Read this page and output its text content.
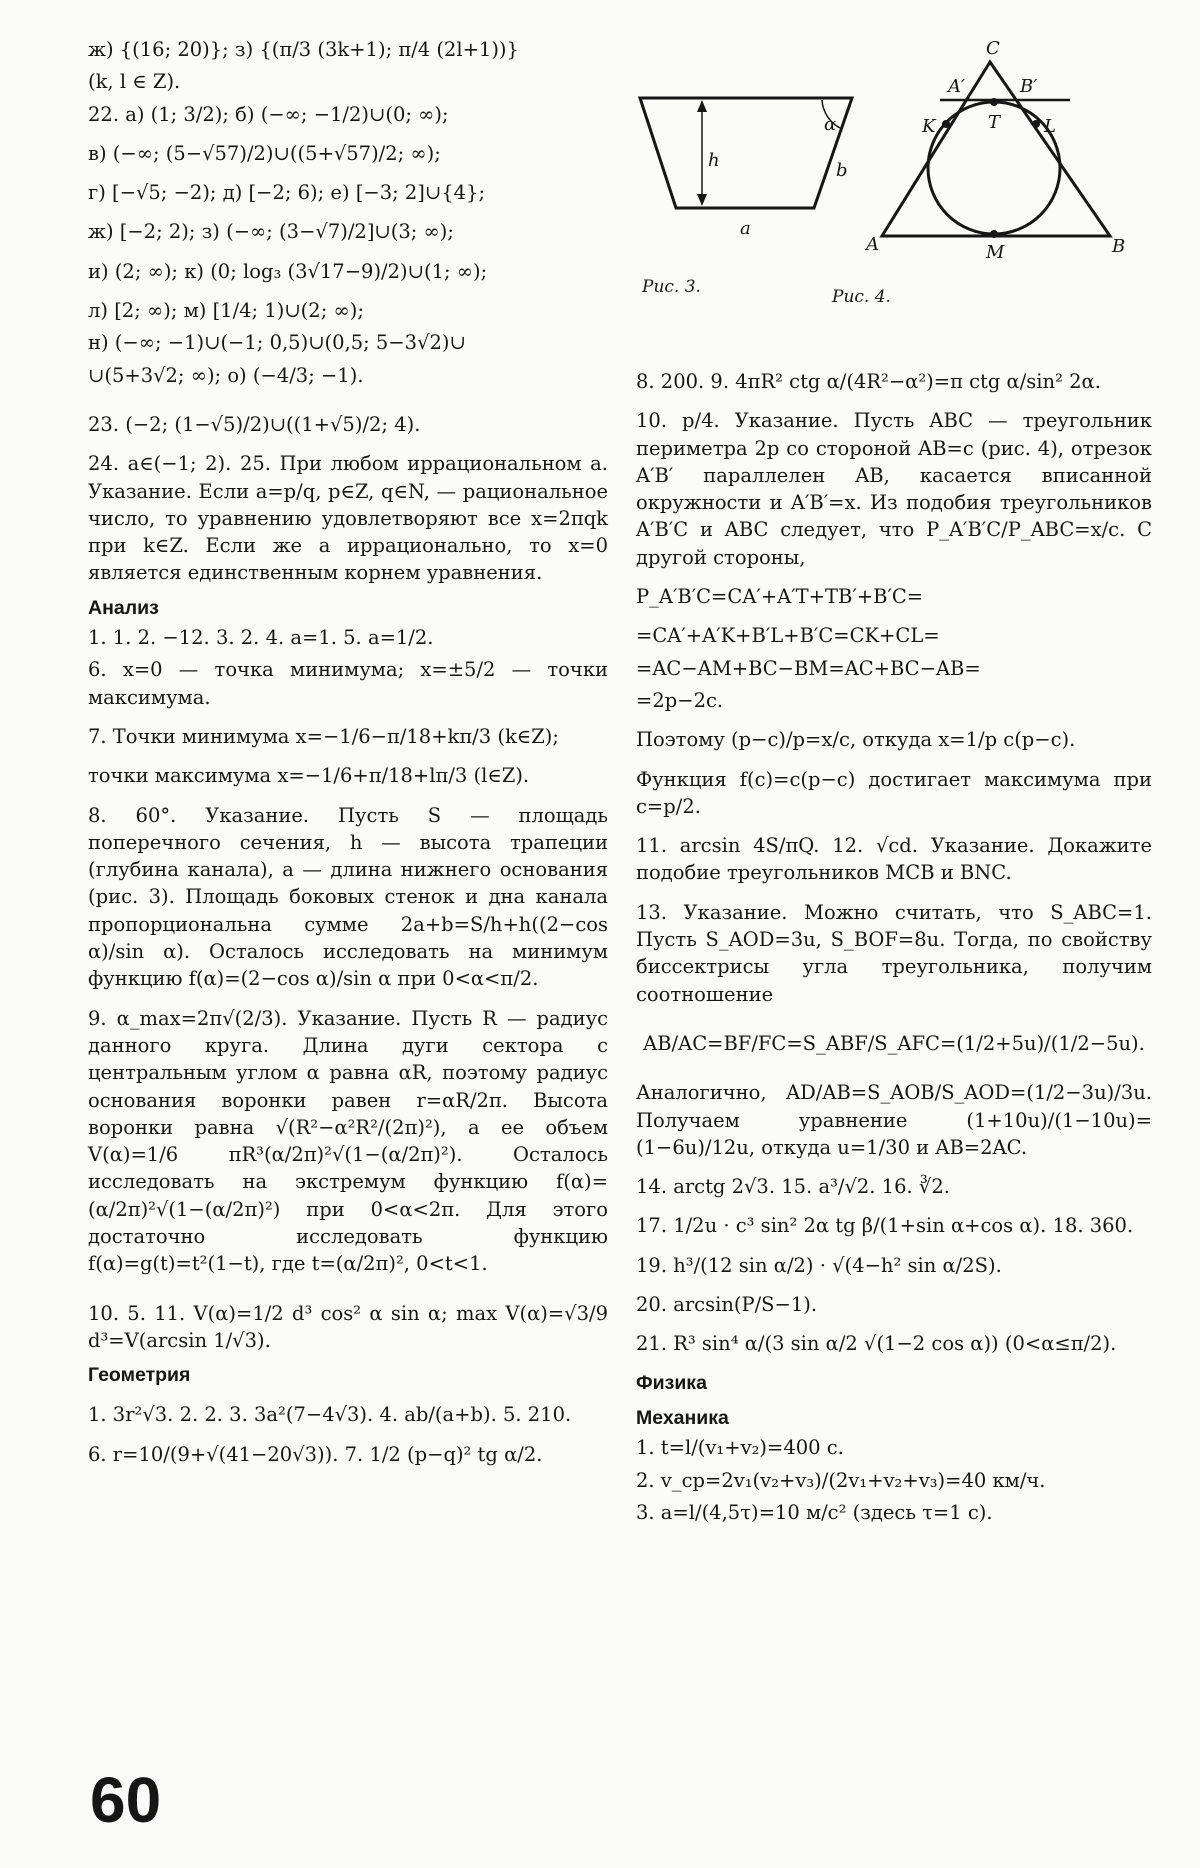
ж) {(16; 20)}; з) {(π/3 (3k+1); π/4 (2l+1))}
(k, l ∈ Z).
22. а) (1; 3/2); б) (−∞; −1/2)∪(0; ∞);
в) (−∞; (5−√57)/2)∪((5+√57)/2; ∞);
г) [−√5; −2); д) [−2; 6); е) [−3; 2]∪{4};
ж) [−2; 2); з) (−∞; (3−√7)/2]∪(3; ∞);
и) (2; ∞); к) (0; log₃ (3√17−9)/2)∪(1; ∞);
л) [2; ∞); м) [1/4; 1)∪(2; ∞);
н) (−∞; −1)∪(−1; 0,5)∪(0,5; 5−3√2)∪
∪(5+3√2; ∞); о) (−4/3; −1).
23. (−2; (1−√5)/2)∪((1+√5)/2; 4).
24. a∈(−1; 2). 25. При любом иррациональном a. Указание. Если a=p/q, p∈Z, q∈N, — рациональное число, то уравнению удовлетворяют все x=2πqk при k∈Z. Если же a иррационально, то x=0 является единственным корнем уравнения.
Анализ
1. 1. 2. −12. 3. 2. 4. a=1. 5. a=1/2.
6. x=0 — точка минимума; x=±5/2 — точки максимума.
7. Точки минимума x=−1/6−π/18+kπ/3 (k∈Z);
точки максимума x=−1/6+π/18+lπ/3 (l∈Z).
8. 60°. Указание. Пусть S — площадь поперечного сечения, h — высота трапеции (глубина канала), a — длина нижнего основания (рис. 3). Площадь боковых стенок и дна канала пропорциональна сумме 2a+b=S/h+h((2−cos α)/sin α). Осталось исследовать на минимум функцию f(α)=(2−cos α)/sin α при 0<α<π/2.
9. α_max=2π√(2/3). Указание. Пусть R — радиус данного круга. Длина дуги сектора с центральным углом α равна αR, поэтому радиус основания воронки равен r=αR/2π. Высота воронки равна √(R²−α²R²/(2π)²), а ее объем V(α)=1/6 πR³(α/2π)²√(1−(α/2π)²). Осталось исследовать на экстремум функцию f(α)=(α/2π)²√(1−(α/2π)²) при 0<α<2π. Для этого достаточно исследовать функцию f(α)=g(t)=t²(1−t), где t=(α/2π)², 0<t<1.
10. 5. 11. V(α)=1/2 d³ cos² α sin α; max V(α)=√3/9 d³=V(arcsin 1/√3).
Геометрия
1. 3r²√3. 2. 2. 3. 3a²(7−4√3). 4. ab/(a+b). 5. 210.
6. r=10/(9+√(41−20√3)). 7. 1/2 (p−q)² tg α/2.
h	b
a
α
C
A′	B′
K	T L
A	M	B
Рис. 3.	Рис. 4.
8. 200. 9. 4πR² ctg α/(4R²−α²)=π ctg α/sin² 2α.
10. p/4. Указание. Пусть ABC — треугольник периметра 2p со стороной AB=c (рис. 4), отрезок A′B′ параллелен AB, касается вписанной окружности и A′B′=x. Из подобия треугольников A′B′C и ABC следует, что P_A′B′C/P_ABC=x/c. С другой стороны,
P_A′B′C=CA′+A′T+TB′+B′C=
=CA′+A′K+B′L+B′C=CK+CL=
=AC−AM+BC−BM=AC+BC−AB=
=2p−2c.
Поэтому (p−c)/p=x/c, откуда x=1/p c(p−c).
Функция f(c)=c(p−c) достигает максимума при c=p/2.
11. arcsin 4S/πQ. 12. √cd. Указание. Докажите подобие треугольников MCB и BNC.
13. Указание. Можно считать, что S_ABC=1. Пусть S_AOD=3u, S_BOF=8u. Тогда, по свойству биссектрисы угла треугольника, получим соотношение
AB/AC=BF/FC=S_ABF/S_AFC=(1/2+5u)/(1/2−5u).
Аналогично, AD/AB=S_AOB/S_AOD=(1/2−3u)/3u. Получаем уравнение (1+10u)/(1−10u)=(1−6u)/12u, откуда u=1/30 и AB=2AC.
14. arctg 2√3. 15. a³/√2. 16. ∛2.
17. 1/2u · c³ sin² 2α tg β/(1+sin α+cos α). 18. 360.
19. h³/(12 sin α/2) · √(4−h² sin α/2S).
20. arcsin(P/S−1).
21. R³ sin⁴ α/(3 sin α/2 √(1−2 cos α)) (0<α≤π/2).
Физика
Механика
1. t=l/(v₁+v₂)=400 с.
2. v_ср=2v₁(v₂+v₃)/(2v₁+v₂+v₃)=40 км/ч.
3. a=l/(4,5τ)=10 м/с² (здесь τ=1 с).
60
